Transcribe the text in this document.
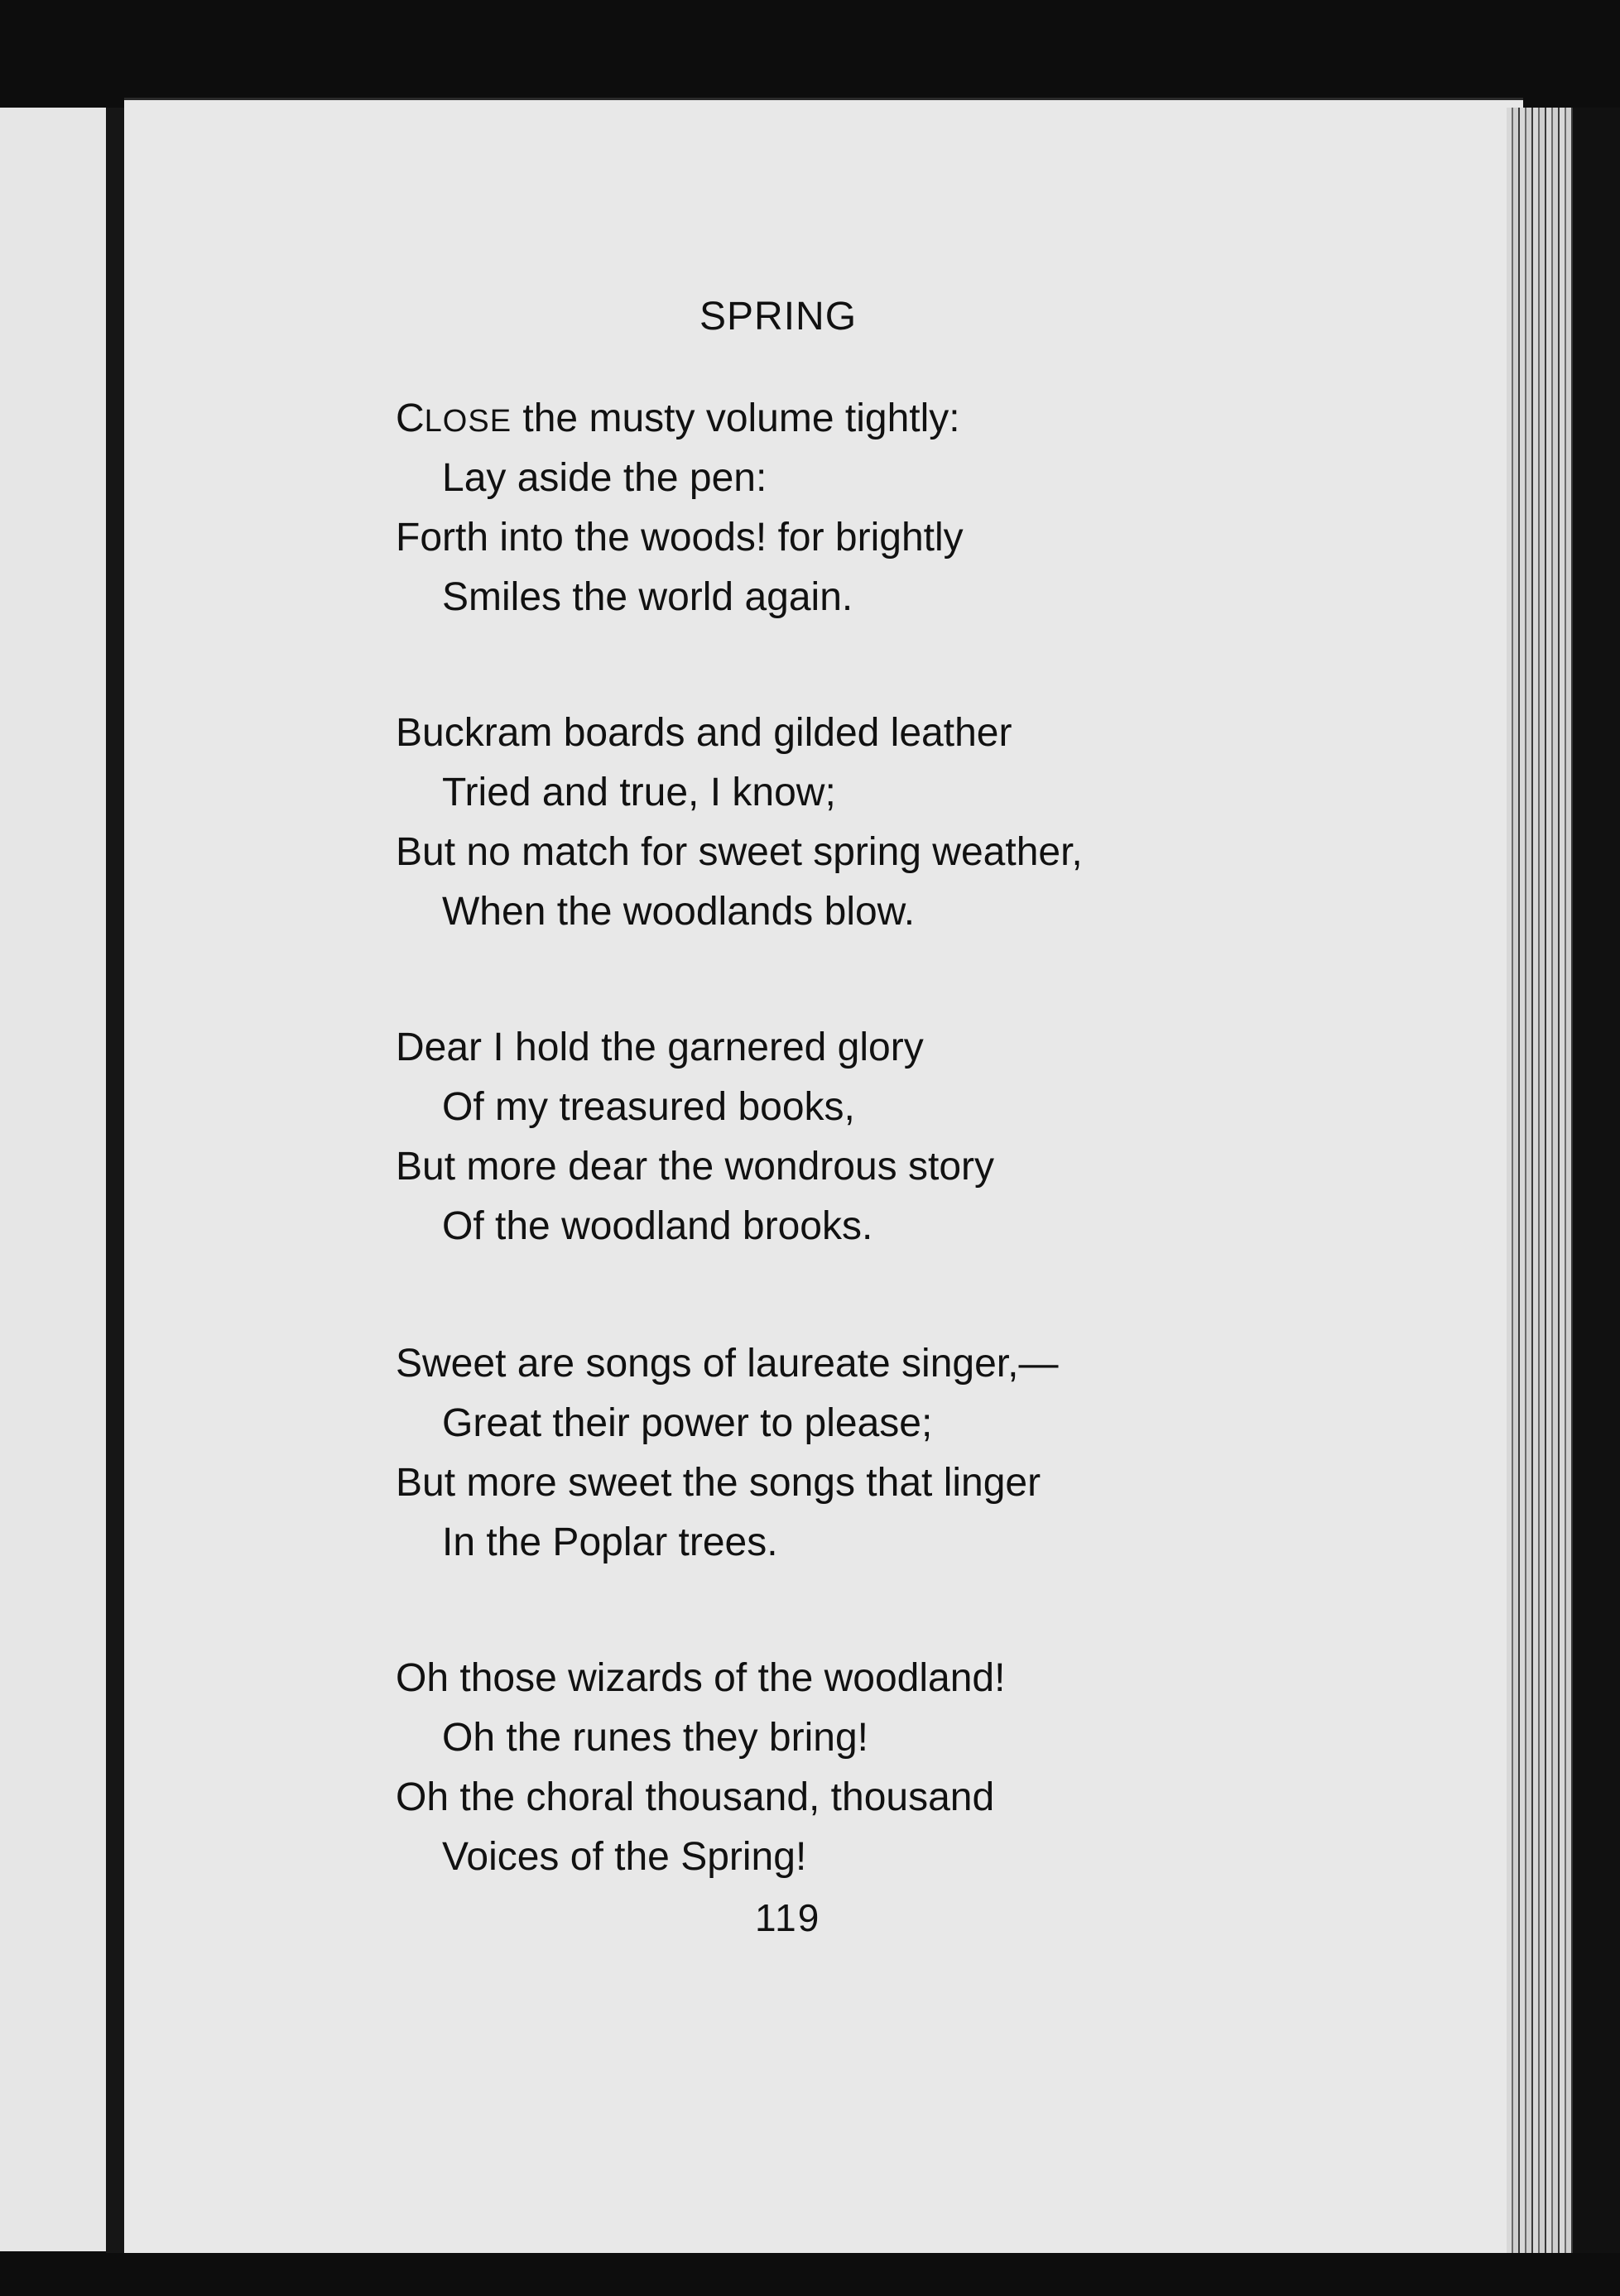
SPRING
CLOSE the musty volume tightly:
Lay aside the pen:
Forth into the woods! for brightly
Smiles the world again.
Buckram boards and gilded leather
Tried and true, I know;
But no match for sweet spring weather,
When the woodlands blow.
Dear I hold the garnered glory
Of my treasured books,
But more dear the wondrous story
Of the woodland brooks.
Sweet are songs of laureate singer,—
Great their power to please;
But more sweet the songs that linger
In the Poplar trees.
Oh those wizards of the woodland!
Oh the runes they bring!
Oh the choral thousand, thousand
Voices of the Spring!
119
